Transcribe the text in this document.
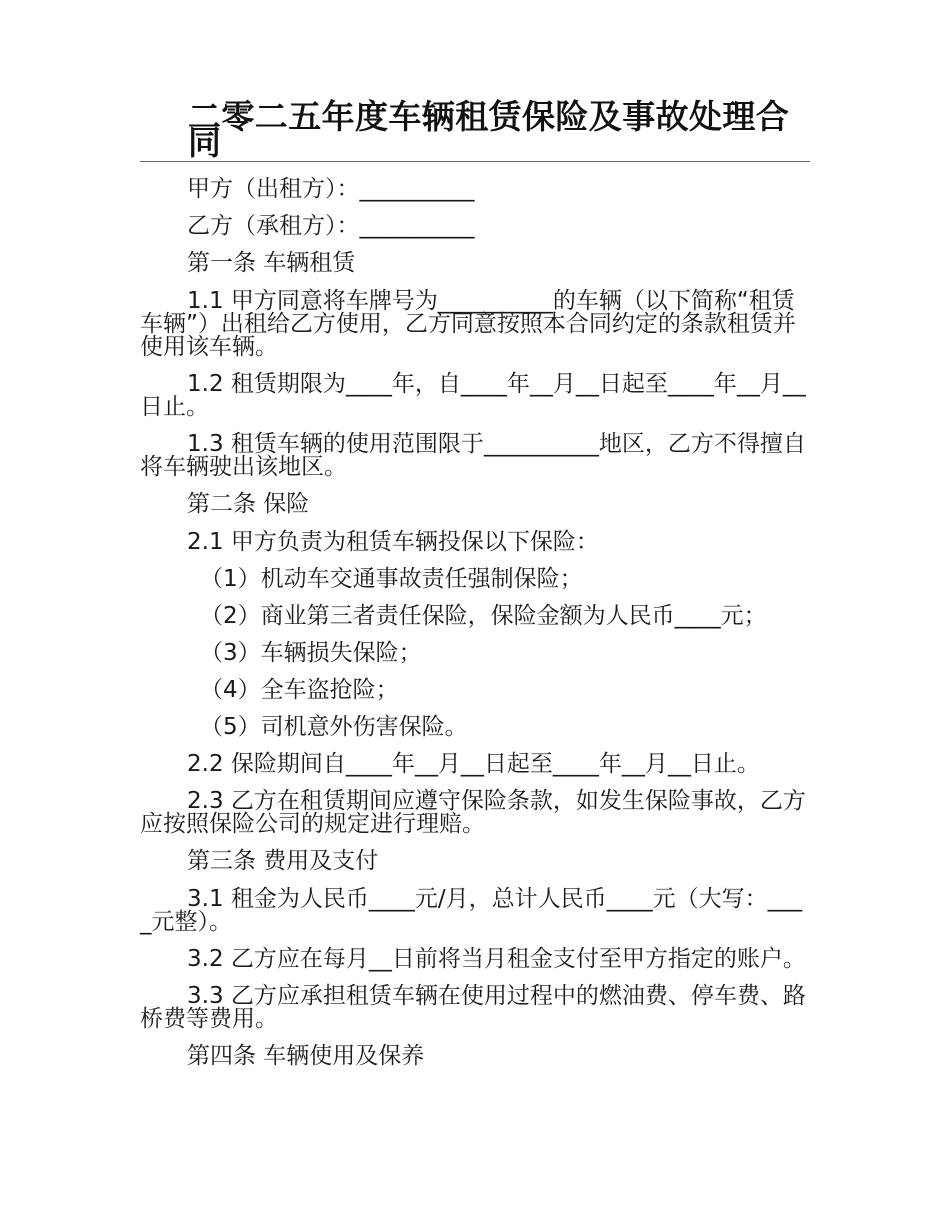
二零二五年度车辆租赁保险及事故处理合同

甲方（出租方）：__________

乙方（承租方）：__________

第一条 车辆租赁

1.1 甲方同意将车牌号为__________的车辆（以下简称“租赁车辆”）出租给乙方使用，乙方同意按照本合同约定的条款租赁并使用该车辆。

1.2 租赁期限为____年，自____年__月__日起至____年__月__日止。

1.3 租赁车辆的使用范围限于__________地区，乙方不得擅自将车辆驶出该地区。

第二条 保险

2.1 甲方负责为租赁车辆投保以下保险：

（1）机动车交通事故责任强制保险；

（2）商业第三者责任保险，保险金额为人民币____元；

（3）车辆损失保险；

（4）全车盗抢险；

（5）司机意外伤害保险。

2.2 保险期间自____年__月__日起至____年__月__日止。

2.3 乙方在租赁期间应遵守保险条款，如发生保险事故，乙方应按照保险公司的规定进行理赔。

第三条 费用及支付

3.1 租金为人民币____元/月，总计人民币____元（大写：____元整）。

3.2 乙方应在每月__日前将当月租金支付至甲方指定的账户。

3.3 乙方应承担租赁车辆在使用过程中的燃油费、停车费、路桥费等费用。

第四条 车辆使用及保养
